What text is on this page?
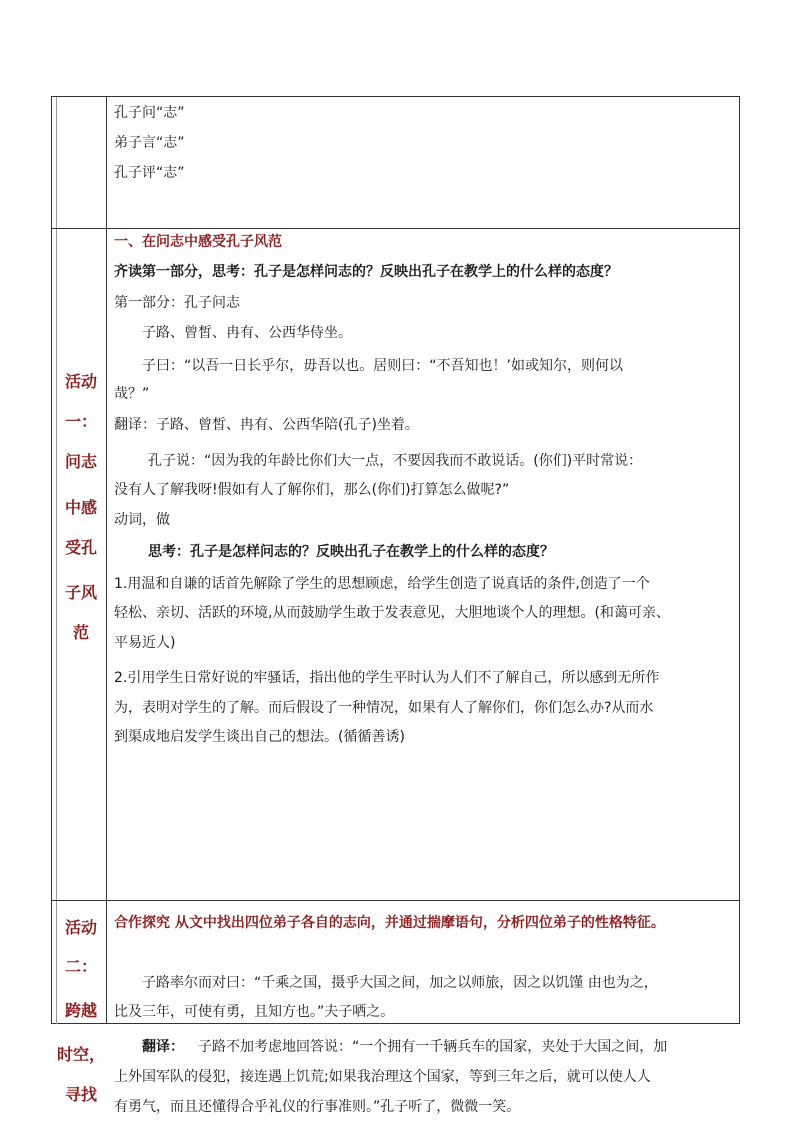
孔子问“志”
弟子言“志”
孔子评“志”
活动
一：
问志
中感
受孔
子风
范
一、在问志中感受孔子风范
齐读第一部分，思考：孔子是怎样问志的？反映出孔子在教学上的什么样的态度？
第一部分：孔子问志
子路、曾皙、冉有、公西华侍坐。
子曰：“以吾一日长乎尔，毋吾以也。居则曰：“不吾知也！’如或知尔，则何以
哉？”
翻译：子路、曾皙、冉有、公西华陪(孔子)坐着。
孔子说：“因为我的年龄比你们大一点，不要因我而不敢说话。(你们)平时常说：
没有人了解我呀!假如有人了解你们，那么(你们)打算怎么做呢?”
动词，做
思考：孔子是怎样问志的？反映出孔子在教学上的什么样的态度？
1.用温和自谦的话首先解除了学生的思想顾虑，给学生创造了说真话的条件,创造了一个
轻松、亲切、活跃的环境,从而鼓励学生敢于发表意见，大胆地谈个人的理想。(和蔼可亲、
平易近人)
2.引用学生日常好说的牢骚话，指出他的学生平时认为人们不了解自己，所以感到无所作
为，表明对学生的了解。而后假设了一种情况，如果有人了解你们，你们怎么办?从而水
到渠成地启发学生谈出自己的想法。(循循善诱)
活动
二：
跨越
时空，
寻找
合作探究 从文中找出四位弟子各自的志向，并通过揣摩语句，分析四位弟子的性格特征。
子路率尔而对曰：“千乘之国，摄乎大国之间，加之以师旅，因之以饥馑 由也为之，
比及三年，可使有勇，且知方也。”夫子哂之。
翻译： 子路不加考虑地回答说：“一个拥有一千辆兵车的国家，夹处于大国之间，加
上外国军队的侵犯，接连遇上饥荒;如果我治理这个国家，等到三年之后，就可以使人人
有勇气，而且还懂得合乎礼仪的行事准则。”孔子听了，微微一笑。
